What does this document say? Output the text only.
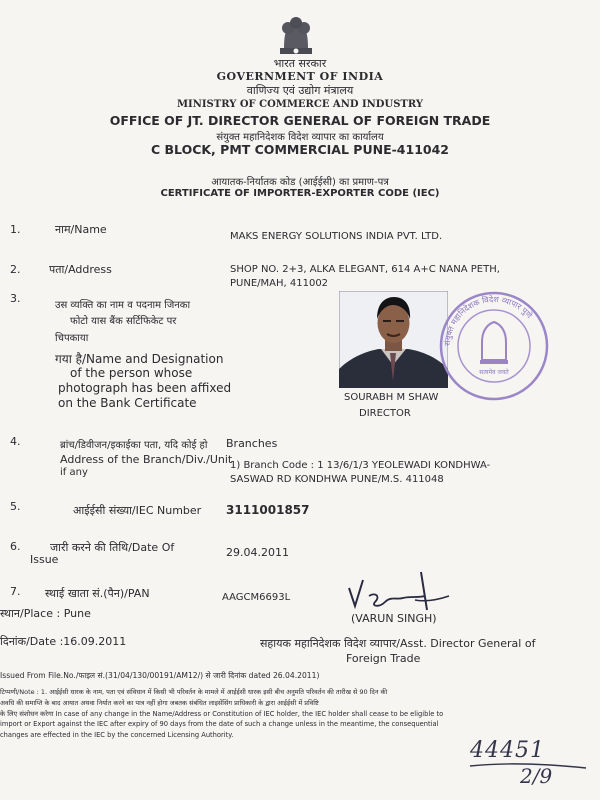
भारत सरकार
GOVERNMENT OF INDIA
वाणिज्य एवं उद्योग मंत्रालय
MINISTRY OF COMMERCE AND INDUSTRY
OFFICE OF JT. DIRECTOR GENERAL OF FOREIGN TRADE
संयुक्त महानिदेशक विदेश व्यापार का कार्यालय
C BLOCK, PMT COMMERCIAL PUNE-411042
आयातक-निर्यातक कोड (आईईसी) का प्रमाण-पत्र
CERTIFICATE OF IMPORTER-EXPORTER CODE (IEC)
1.	नाम/Name
MAKS ENERGY SOLUTIONS INDIA PVT. LTD.
2.	पता/Address	SHOP NO. 2+3, ALKA ELEGANT, 614 A+C NANA PETH,
PUNE/MAH, 411002
3.
उस व्यक्ति का नाम व पदनाम जिनका
फोटो यास बैंक सर्टिफिकेट पर
चिपकाया
गया है/Name and Designation
of the person whose
photograph has been affixed
on the Bank Certificate	SOURABH M SHAW
DIRECTOR
संयुक्त महानिदेशक विदेश व्यापार पुणे
सत्यमेव जयते
4.	ब्रांच/डिवीजन/इकाईका पता, यदि कोई हो
Address of the Branch/Div./Unit
if any
Branches
1) Branch Code : 1 13/6/1/3 YEOLEWADI KONDHWA-
SASWAD RD KONDHWA PUNE/M.S. 411048
5.	आईईसी संख्या/IEC Number 3111001857
6.	जारी करने की तिथि/Date Of
Issue
29.04.2011
7. स्थाई खाता सं.(पैन)/PAN	AAGCM6693L
स्थान/Place : Pune	(VARUN SINGH)
दिनांक/Date :16.09.2011	सहायक महानिदेशक विदेश व्यापार/Asst. Director General of
Foreign Trade
Issued From File.No./फाइल सं.(31/04/130/00191/AM12/) से जारी दिनांक dated 26.04.2011)
टिप्पणी/Note : 1. आईईसी धारक के नाम, पता एवं संविधान में किसी भी परिवर्तन के मामले में आईईसी धारक इसी बीच अनुमति परिवर्तन की तारीख से 90 दिन की
अवधि की समाप्ति के बाद आयात अथवा निर्यात करने का पात्र नहीं होगा जबतक संबंधित लाइसेंसिंग प्राधिकारी के द्वारा आईईसी में प्रविष्टि
के लिए संशोधन करेगा In case of any change in the Name/Address or Constitution of IEC holder, the IEC holder shall cease to be eligible to
import or Export against the IEC after expiry of 90 days from the date of such a change unless in the meantime, the consequential
changes are effected in the IEC by the concerned Licensing Authority.
44451
2/9
